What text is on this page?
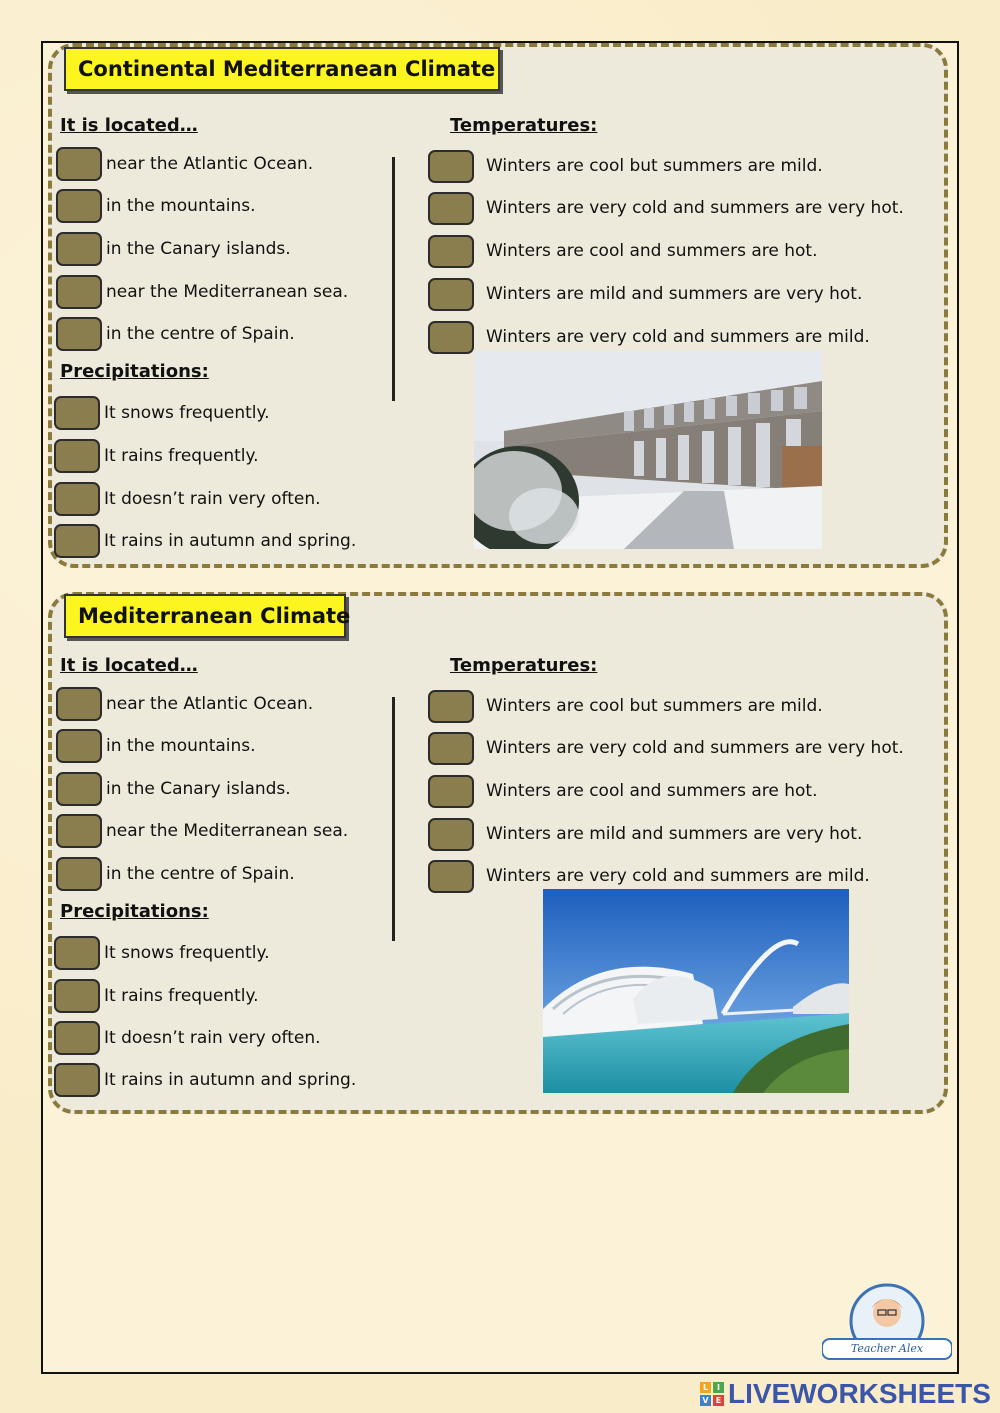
Continental Mediterranean Climate
It is located…
near the Atlantic Ocean.
in the mountains.
in the Canary islands.
near the Mediterranean sea.
in the centre of Spain.
Precipitations:
It snows frequently.
It rains frequently.
It doesn’t rain very often.
It rains in autumn and spring.
Temperatures:
Winters are cool but summers are mild.
Winters are very cold and summers are very hot.
Winters are cool and summers are hot.
Winters are mild and summers are very hot.
Winters are very cold and summers are mild.
Mediterranean Climate
It is located…
near the Atlantic Ocean.
in the mountains.
in the Canary islands.
near the Mediterranean sea.
in the centre of Spain.
Precipitations:
It snows frequently.
It rains frequently.
It doesn’t rain very often.
It rains in autumn and spring.
Temperatures:
Winters are cool but summers are mild.
Winters are very cold and summers are very hot.
Winters are cool and summers are hot.
Winters are mild and summers are very hot.
Winters are very cold and summers are mild.
Teacher Alex
L	I
V E LIVEWORKSHEETS
